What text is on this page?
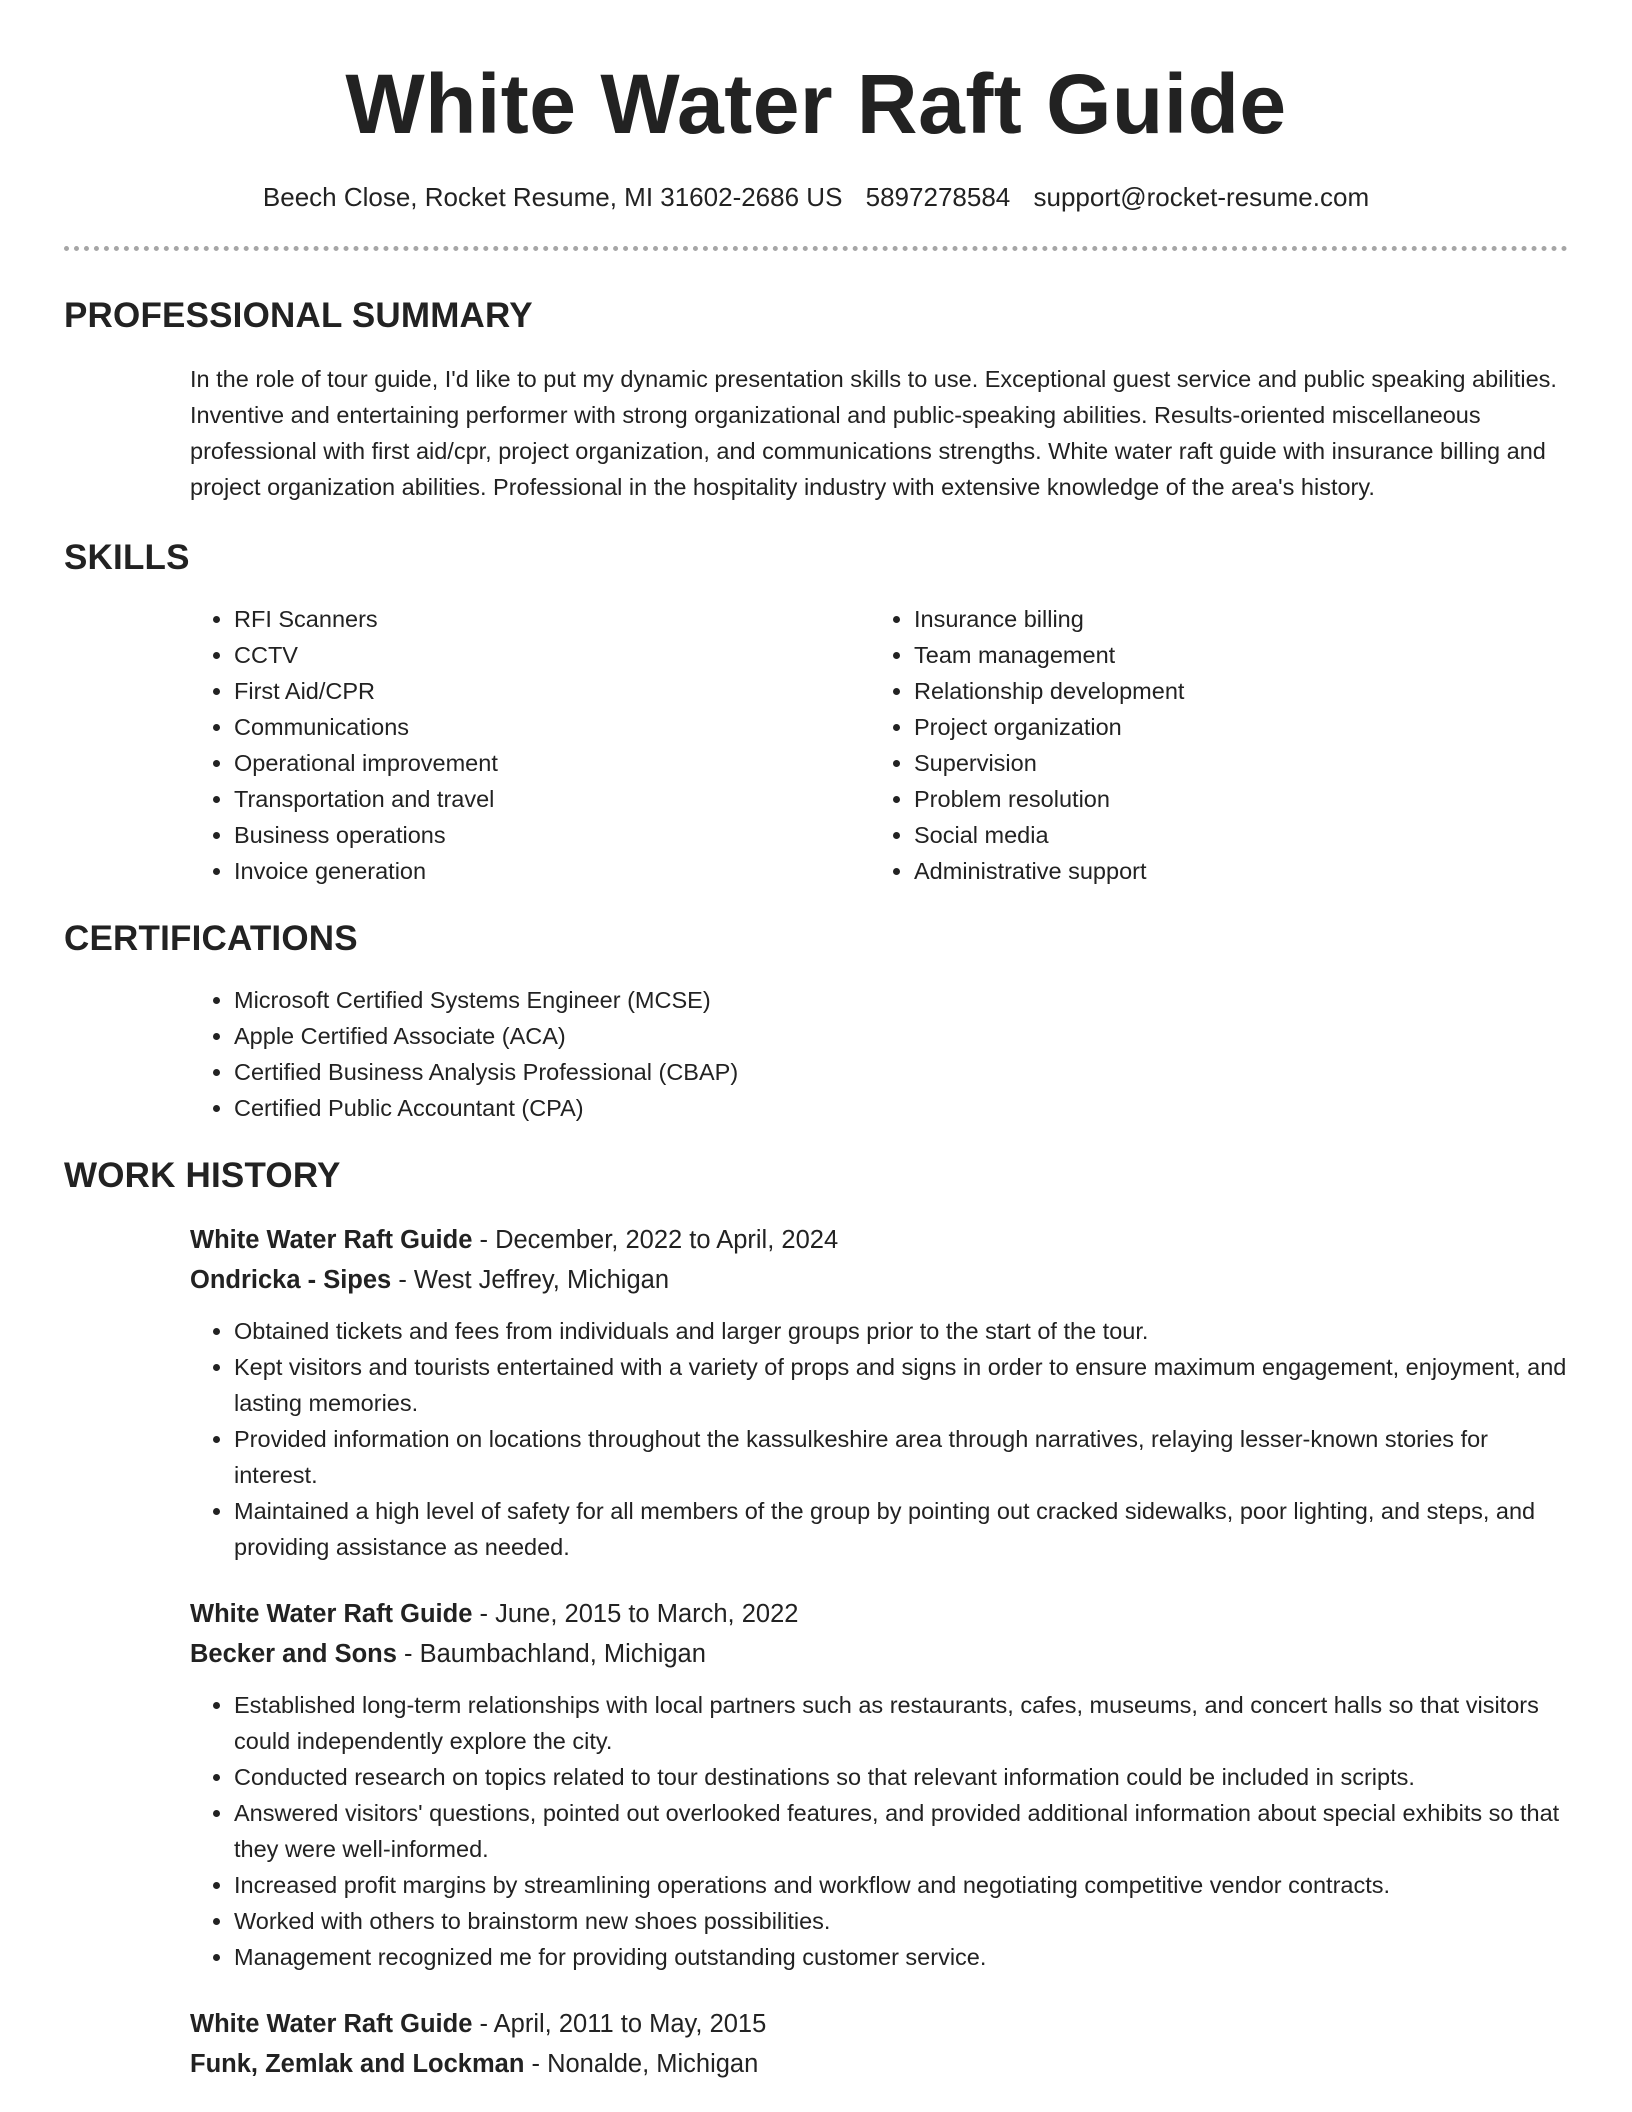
White Water Raft Guide
Beech Close, Rocket Resume, MI 31602-2686 US 5897278584 support@rocket-resume.com
PROFESSIONAL SUMMARY
In the role of tour guide, I'd like to put my dynamic presentation skills to use. Exceptional guest service and public speaking abilities. Inventive and entertaining performer with strong organizational and public-speaking abilities. Results-oriented miscellaneous professional with first aid/cpr, project organization, and communications strengths. White water raft guide with insurance billing and project organization abilities. Professional in the hospitality industry with extensive knowledge of the area's history.
SKILLS
• RFI Scanners
• CCTV
• First Aid/CPR
• Communications
• Operational improvement
• Transportation and travel
• Business operations
• Invoice generation
• Insurance billing
• Team management
• Relationship development
• Project organization
• Supervision
• Problem resolution
• Social media
• Administrative support
CERTIFICATIONS
• Microsoft Certified Systems Engineer (MCSE)
• Apple Certified Associate (ACA)
• Certified Business Analysis Professional (CBAP)
• Certified Public Accountant (CPA)
WORK HISTORY
White Water Raft Guide - December, 2022 to April, 2024
Ondricka - Sipes - West Jeffrey, Michigan
• Obtained tickets and fees from individuals and larger groups prior to the start of the tour.
• Kept visitors and tourists entertained with a variety of props and signs in order to ensure maximum engagement, enjoyment, and lasting memories.
• Provided information on locations throughout the kassulkeshire area through narratives, relaying lesser-known stories for interest.
• Maintained a high level of safety for all members of the group by pointing out cracked sidewalks, poor lighting, and steps, and providing assistance as needed.
White Water Raft Guide - June, 2015 to March, 2022
Becker and Sons - Baumbachland, Michigan
• Established long-term relationships with local partners such as restaurants, cafes, museums, and concert halls so that visitors could independently explore the city.
• Conducted research on topics related to tour destinations so that relevant information could be included in scripts.
• Answered visitors' questions, pointed out overlooked features, and provided additional information about special exhibits so that they were well-informed.
• Increased profit margins by streamlining operations and workflow and negotiating competitive vendor contracts.
• Worked with others to brainstorm new shoes possibilities.
• Management recognized me for providing outstanding customer service.
White Water Raft Guide - April, 2011 to May, 2015
Funk, Zemlak and Lockman - Nonalde, Michigan
